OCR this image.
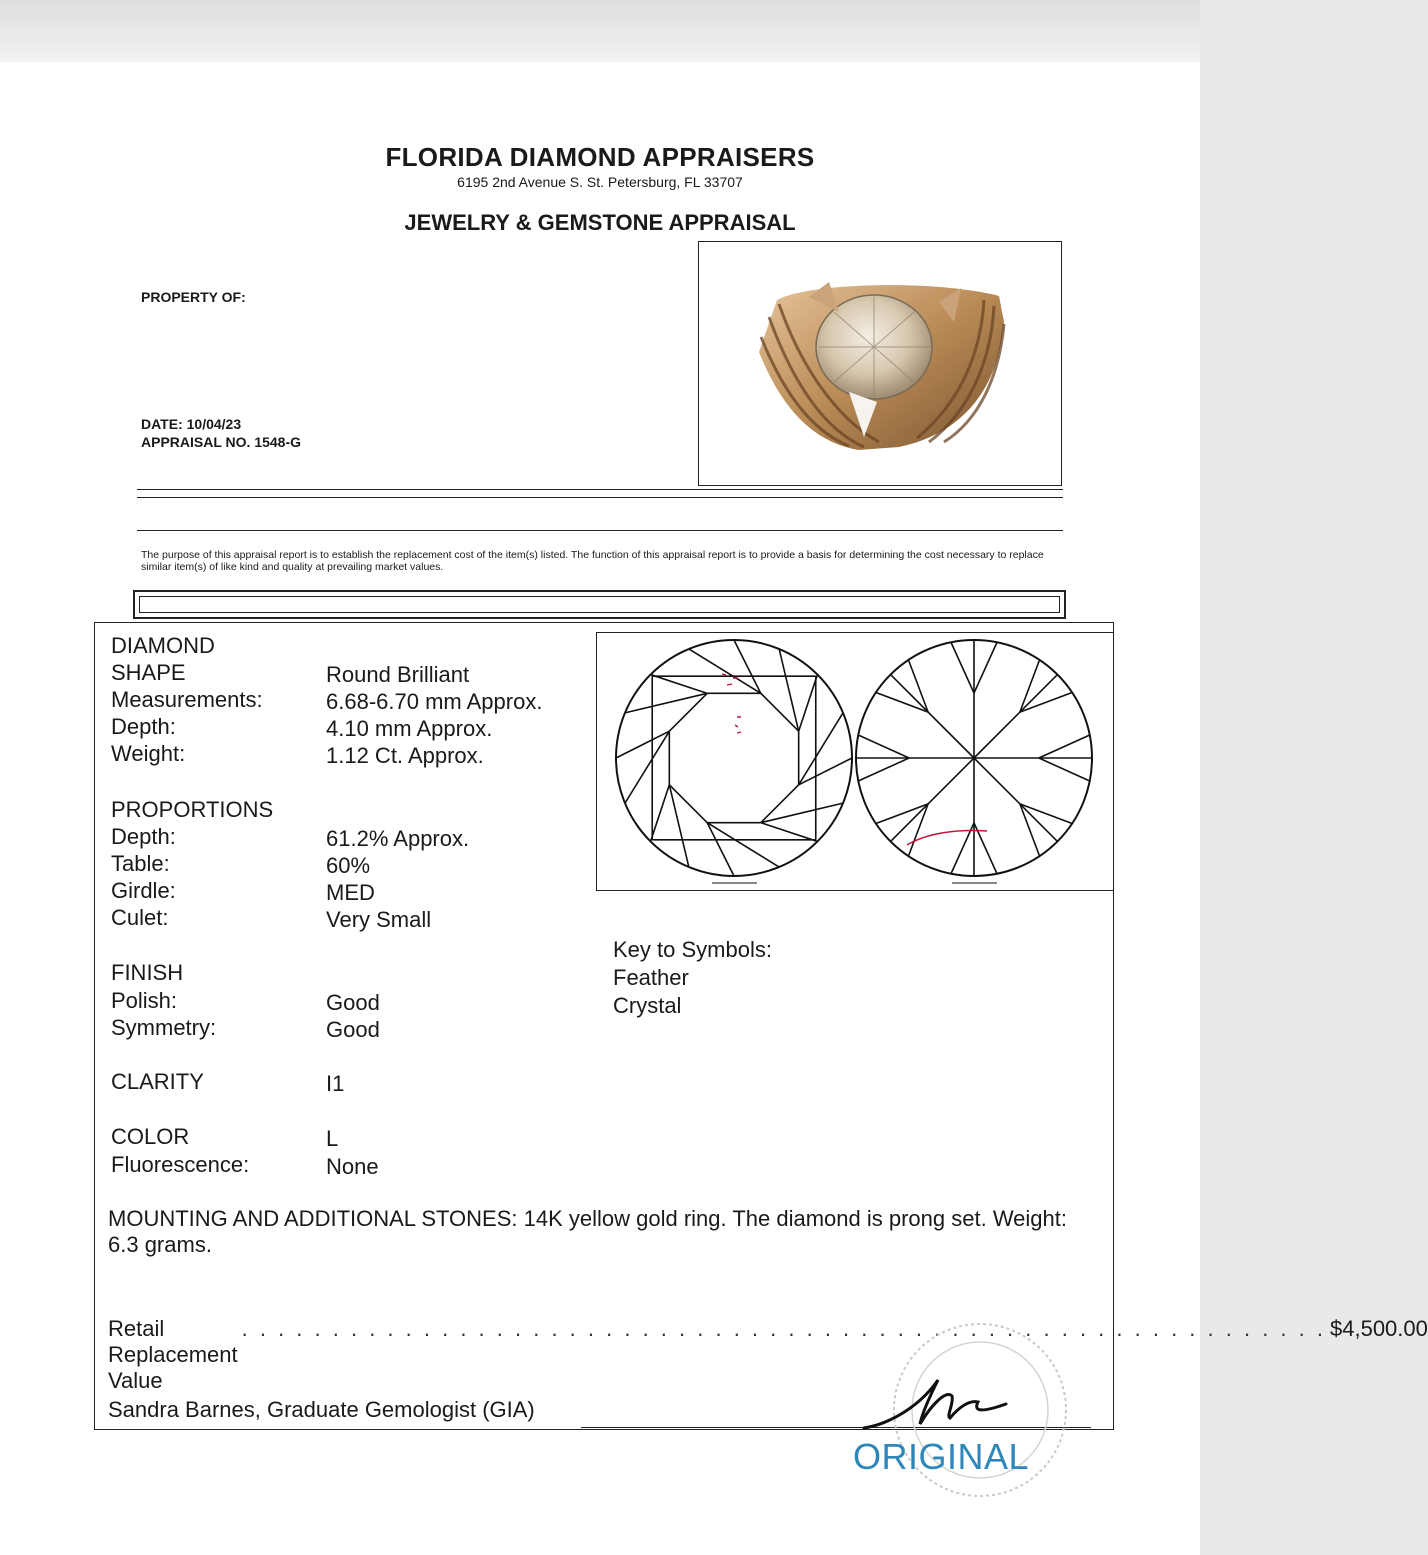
FLORIDA DIAMOND APPRAISERS
6195 2nd Avenue S. St. Petersburg, FL 33707
JEWELRY & GEMSTONE APPRAISAL
PROPERTY OF:
DATE: 10/04/23
APPRAISAL NO. 1548-G
The purpose of this appraisal report is to establish the replacement cost of the item(s) listed. The function of this appraisal report is to provide a basis for determining the cost necessary to replace similar item(s) of like kind and quality at prevailing market values.
DIAMOND
SHAPE	Round Brilliant
Measurements:	6.68-6.70 mm Approx.
Depth:	4.10 mm Approx.
Weight:	1.12 Ct. Approx.
PROPORTIONS
Depth:	61.2% Approx.
Table:	60%
Girdle:	MED
Culet:	Very Small
FINISH
Polish:	Good
Symmetry:	Good
CLARITY	I1
COLOR	L
Fluorescence:	None
Key to Symbols:
Feather
Crystal
MOUNTING AND ADDITIONAL STONES: 14K yellow gold ring. The diamond is prong set. Weight: 6.3 grams.
Retail Replacement Value
. . . . . . . . . . . . . . . . . . . . . . . . . . . . . . . . . . . . . . . . . . . . . . . . . . . . . . . . . . . . $4,500.00
Sandra Barnes, Graduate Gemologist (GIA)
ORIGINAL
